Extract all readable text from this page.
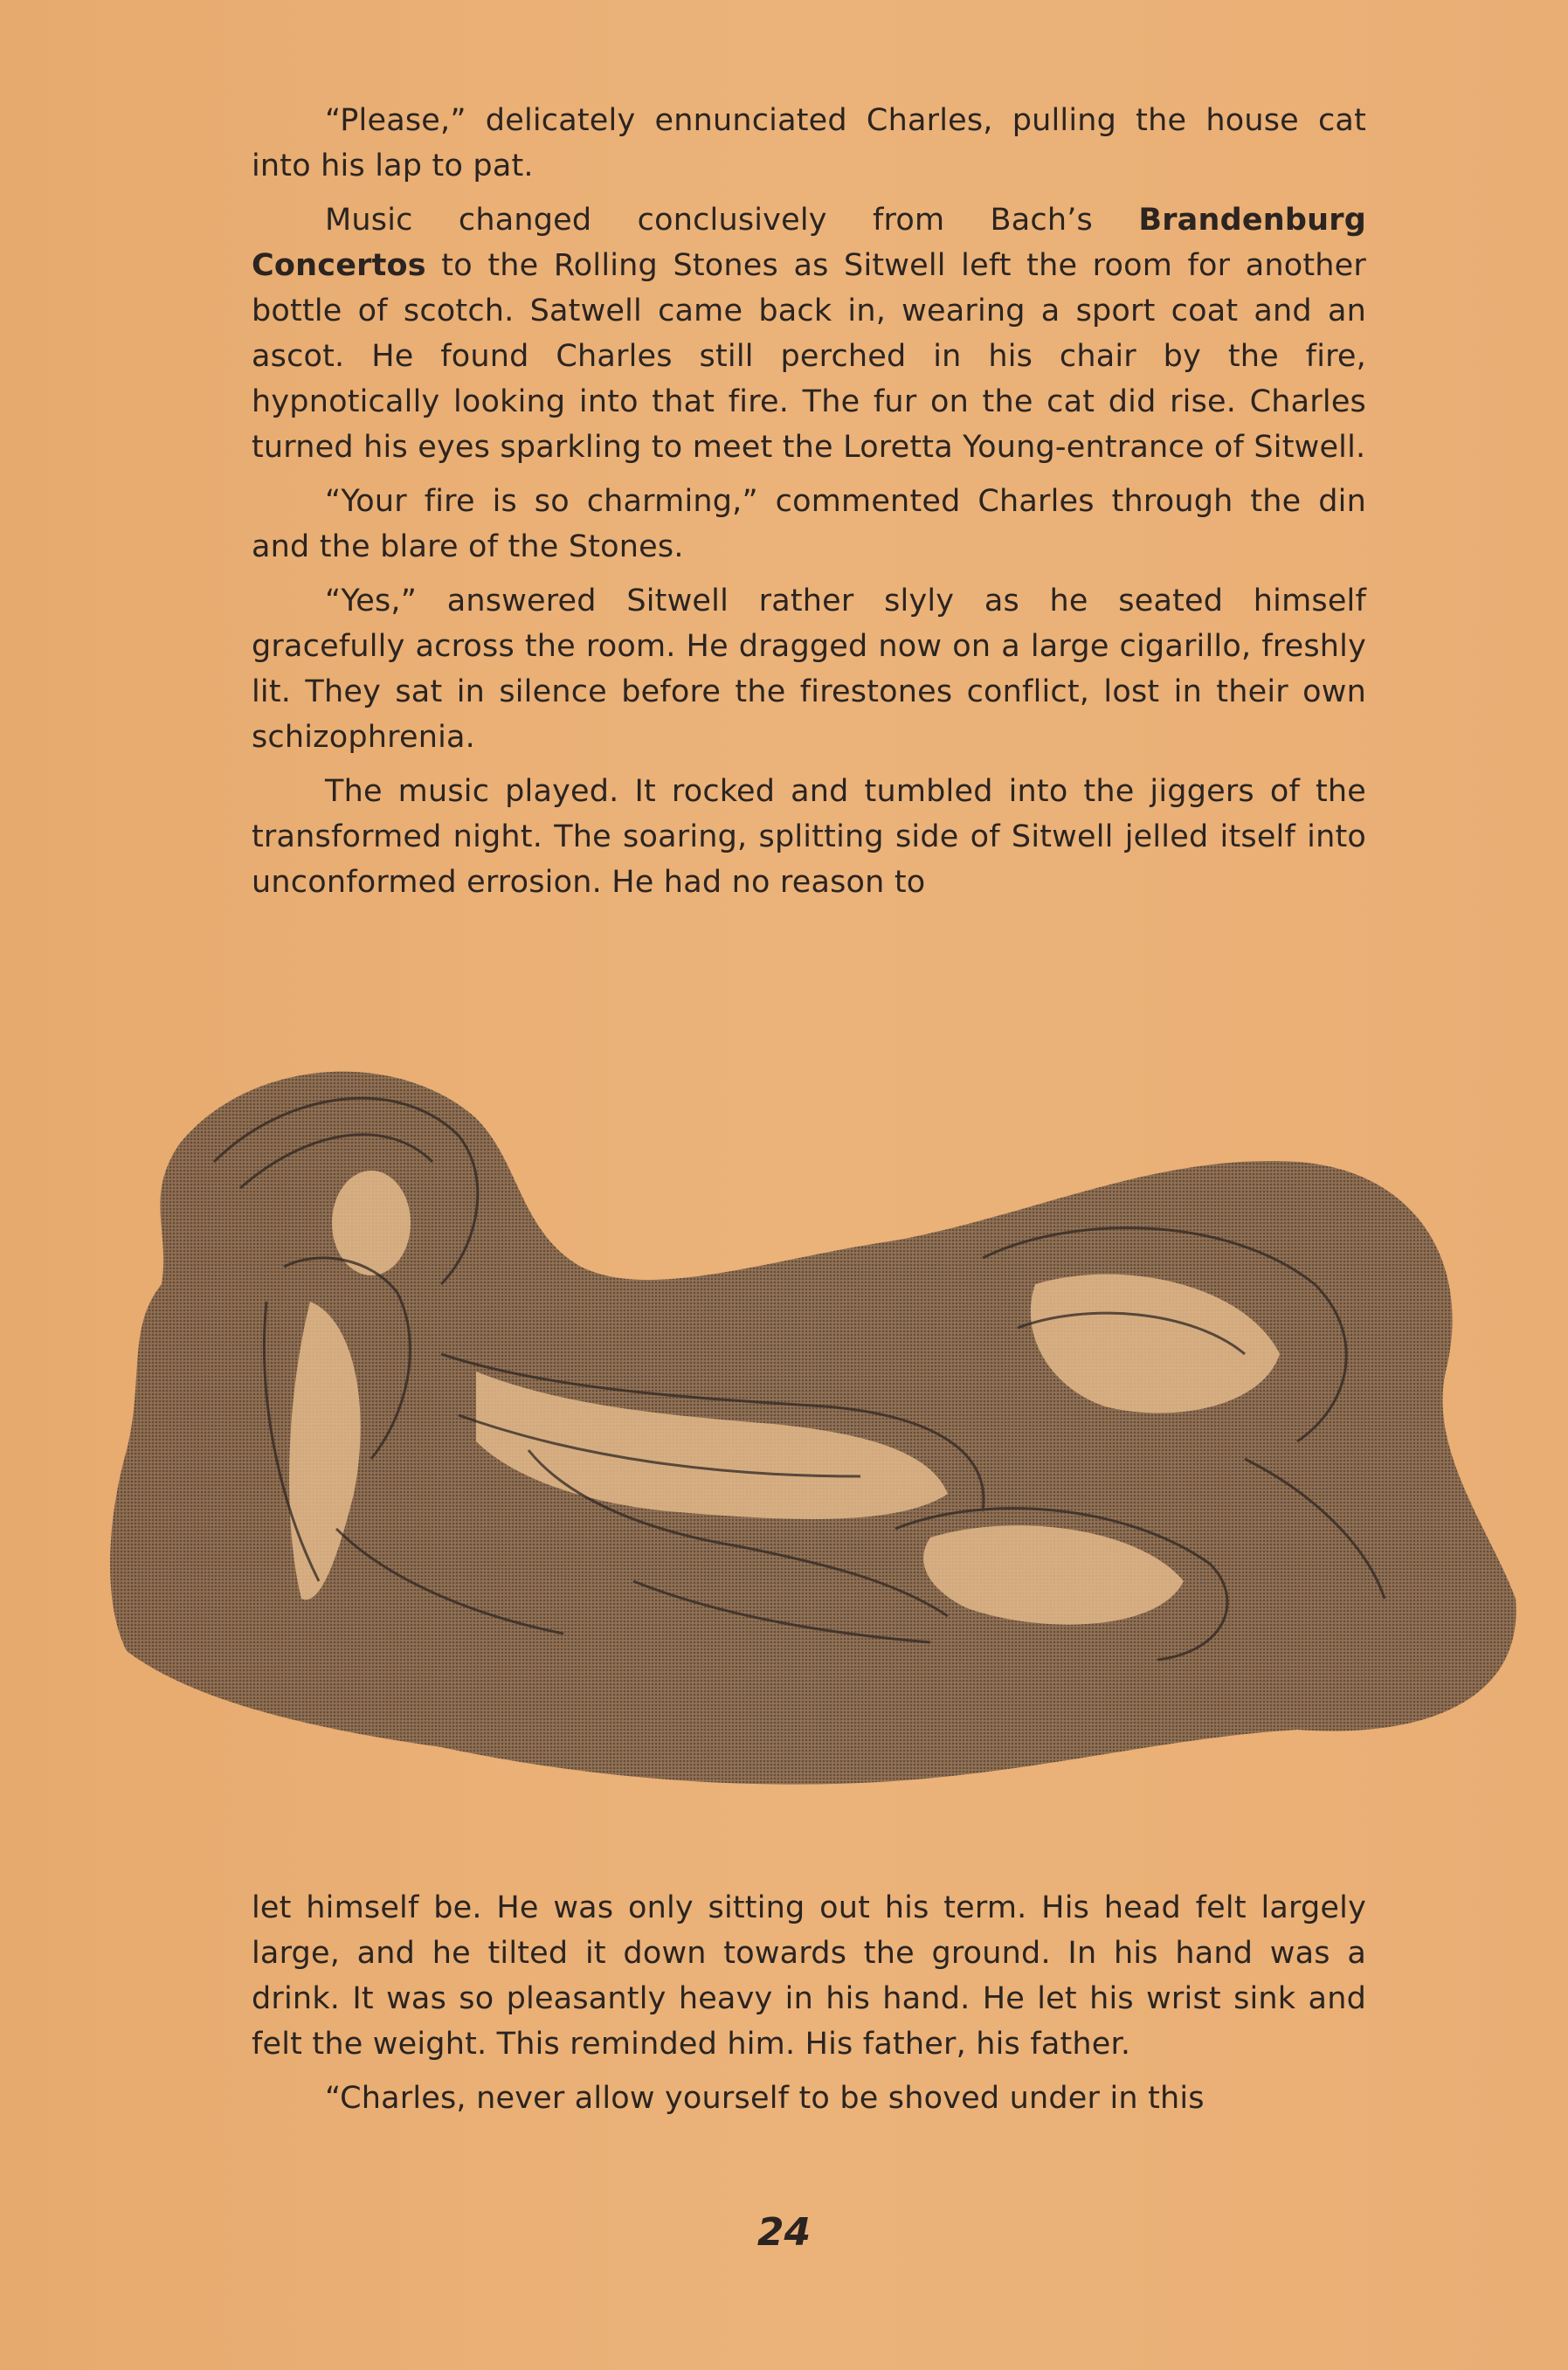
“Please,” delicately ennunciated Charles, pulling the house cat into his lap to pat.

Music changed conclusively from Bach’s Brandenburg Concertos to the Rolling Stones as Sitwell left the room for another bottle of scotch. Satwell came back in, wearing a sport coat and an ascot. He found Charles still perched in his chair by the fire, hypnotically looking into that fire. The fur on the cat did rise. Charles turned his eyes sparkling to meet the Loretta Young-entrance of Sitwell.

“Your fire is so charming,” commented Charles through the din and the blare of the Stones.

“Yes,” answered Sitwell rather slyly as he seated himself gracefully across the room. He dragged now on a large cigarillo, freshly lit. They sat in silence before the firestones conflict, lost in their own schizophrenia.

The music played. It rocked and tumbled into the jiggers of the transformed night. The soaring, splitting side of Sitwell jelled itself into unconformed errosion. He had no reason to

let himself be. He was only sitting out his term. His head felt largely large, and he tilted it down towards the ground. In his hand was a drink. It was so pleasantly heavy in his hand. He let his wrist sink and felt the weight. This reminded him. His father, his father.

“Charles, never allow yourself to be shoved under in this

24
